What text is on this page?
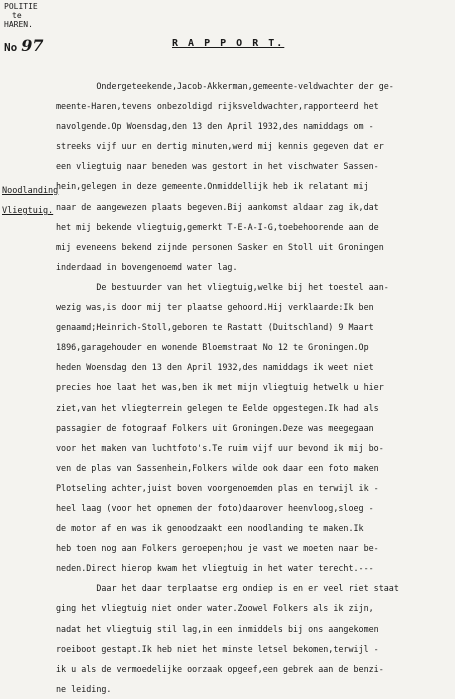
POLITIE
te
HAREN.
No 97	R A P P O R T.
Noodlanding
Vliegtuig.

Ondergeteekende,Jacob-Akkerman,gemeente-veldwachter der ge-

meente-Haren,tevens onbezoldigd rijksveldwachter,rapporteerd het

navolgende.Op Woensdag,den 13 den April 1932,des namiddags om -

streeks vijf uur en dertig minuten,werd mij kennis gegeven dat er

een vliegtuig naar beneden was gestort in het vischwater Sassen-

hein,gelegen in deze gemeente.Onmiddellijk heb ik relatant mij

naar de aangewezen plaats begeven.Bij aankomst aldaar zag ik,dat

het mij bekende vliegtuig,gemerkt T-E-A-I-G,toebehoorende aan de

mij eveneens bekend zijnde personen Sasker en Stoll uit Groningen

inderdaad in bovengenoemd water lag.

De bestuurder van het vliegtuig,welke bij het toestel aan-

wezig was,is door mij ter plaatse gehoord.Hij verklaarde:Ik ben

genaamd;Heinrich-Stoll,geboren te Rastatt (Duitschland) 9 Maart

1896,garagehouder en wonende Bloemstraat No 12 te Groningen.Op

heden Woensdag den 13 den April 1932,des namiddags ik weet niet

precies hoe laat het was,ben ik met mijn vliegtuig hetwelk u hier

ziet,van het vliegterrein gelegen te Eelde opgestegen.Ik had als

passagier de fotograaf Folkers uit Groningen.Deze was meegegaan

voor het maken van luchtfoto's.Te ruim vijf uur bevond ik mij bo-

ven de plas van Sassenhein,Folkers wilde ook daar een foto maken

Plotseling achter,juist boven voorgenoemden plas en terwijl ik -

heel laag (voor het opnemen der foto)daarover heenvloog,sloeg -

de motor af en was ik genoodzaakt een noodlanding te maken.Ik

heb toen nog aan Folkers geroepen;hou je vast we moeten naar be-

neden.Direct hierop kwam het vliegtuig in het water terecht.---

Daar het daar terplaatse erg ondiep is en er veel riet staat

ging het vliegtuig niet onder water.Zoowel Folkers als ik zijn,

nadat het vliegtuig stil lag,in een inmiddels bij ons aangekomen

roeiboot gestapt.Ik heb niet het minste letsel bekomen,terwijl -

ik u als de vermoedelijke oorzaak opgeef,een gebrek aan de benzi-

ne leiding.
